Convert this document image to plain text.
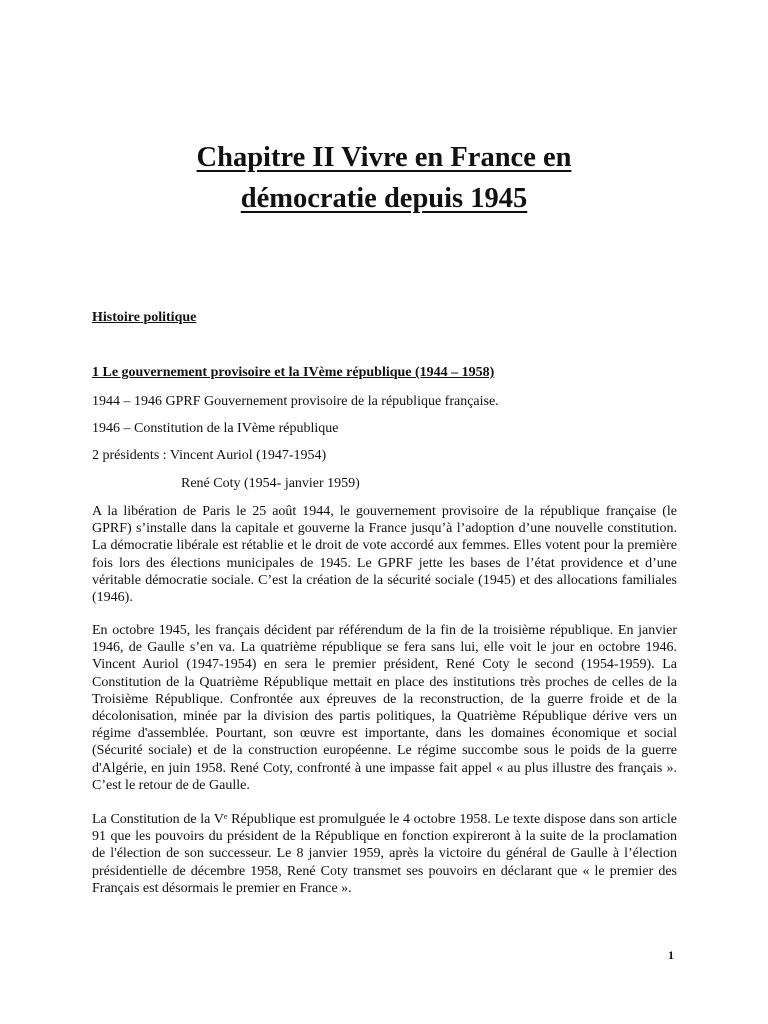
Chapitre II Vivre en France en
démocratie depuis 1945

Histoire politique

1 Le gouvernement provisoire et la IVème république (1944 – 1958)

1944 – 1946 GPRF Gouvernement provisoire de la république française.

1946 – Constitution de la IVème république

2 présidents : Vincent Auriol (1947-1954)

René Coty (1954- janvier 1959)

A la libération de Paris le 25 août 1944, le gouvernement provisoire de la république française (le GPRF) s’installe dans la capitale et gouverne la France jusqu’à l’adoption d’une nouvelle constitution. La démocratie libérale est rétablie et le droit de vote accordé aux femmes. Elles votent pour la première fois lors des élections municipales de 1945. Le GPRF jette les bases de l’état providence et d’une véritable démocratie sociale. C’est la création de la sécurité sociale (1945) et des allocations familiales (1946).

En octobre 1945, les français décident par référendum de la fin de la troisième république. En janvier 1946, de Gaulle s’en va. La quatrième république se fera sans lui, elle voit le jour en octobre 1946. Vincent Auriol (1947-1954) en sera le premier président, René Coty le second (1954-1959). La Constitution de la Quatrième République mettait en place des institutions très proches de celles de la Troisième République. Confrontée aux épreuves de la reconstruction, de la guerre froide et de la décolonisation, minée par la division des partis politiques, la Quatrième République dérive vers un régime d'assemblée. Pourtant, son œuvre est importante, dans les domaines économique et social (Sécurité sociale) et de la construction européenne. Le régime succombe sous le poids de la guerre d'Algérie, en juin 1958. René Coty, confronté à une impasse fait appel « au plus illustre des français ». C’est le retour de de Gaulle.

La Constitution de la Vᵉ République est promulguée le 4 octobre 1958. Le texte dispose dans son article 91 que les pouvoirs du président de la République en fonction expireront à la suite de la proclamation de l'élection de son successeur. Le 8 janvier 1959, après la victoire du général de Gaulle à l’élection présidentielle de décembre 1958, René Coty transmet ses pouvoirs en déclarant que « le premier des Français est désormais le premier en France ».

1
